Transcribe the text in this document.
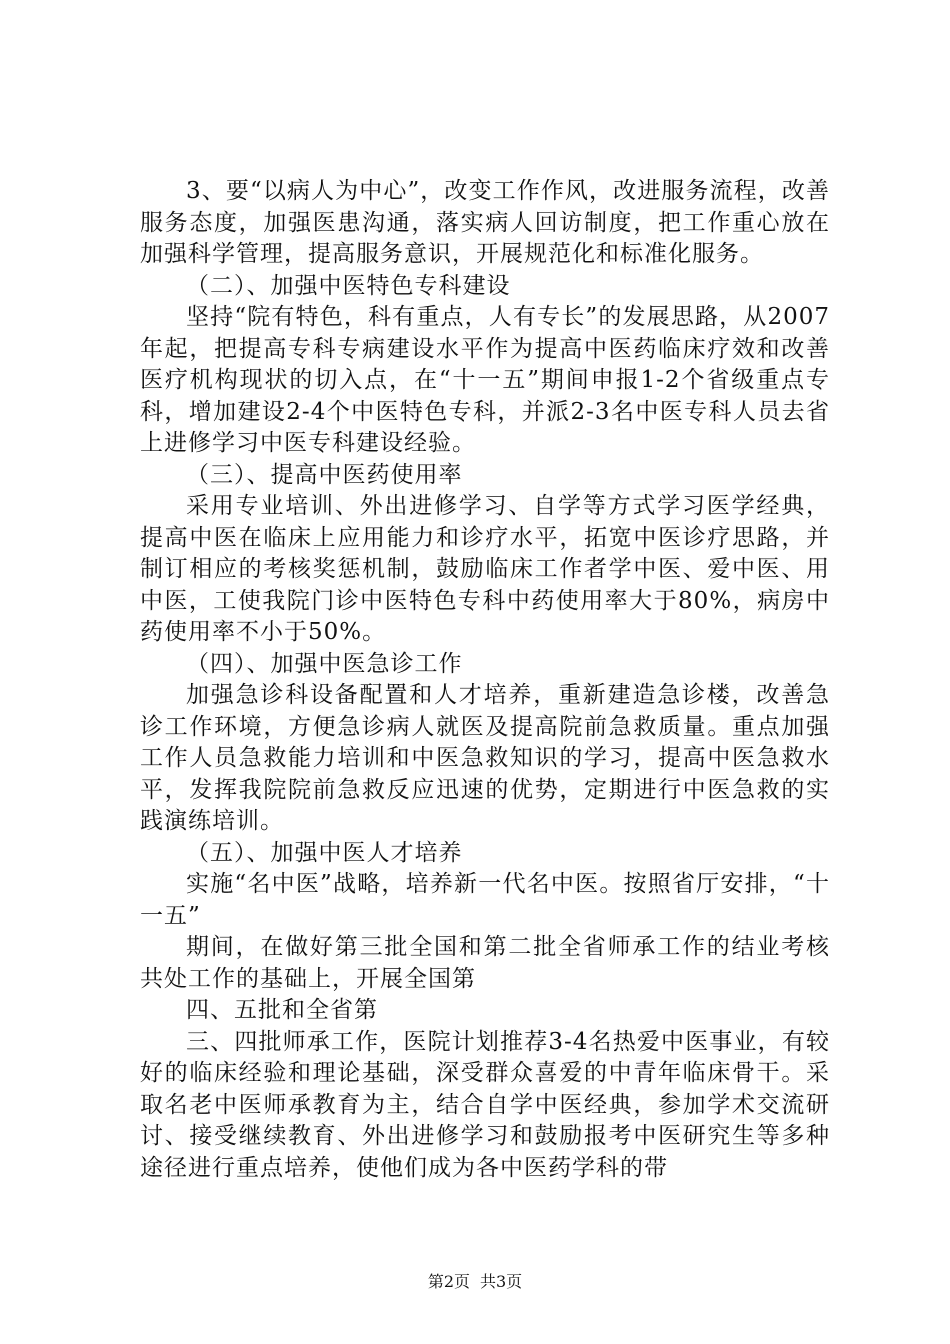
3、要“以病人为中心”，改变工作作风，改进服务流程，改善服务态度，加强医患沟通，落实病人回访制度，把工作重心放在加强科学管理，提高服务意识，开展规范化和标准化服务。

（二）、加强中医特色专科建设

坚持“院有特色，科有重点，人有专长”的发展思路，从2007年起，把提高专科专病建设水平作为提高中医药临床疗效和改善医疗机构现状的切入点，在“十一五”期间申报1-2个省级重点专科，增加建设2-4个中医特色专科，并派2-3名中医专科人员去省上进修学习中医专科建设经验。

（三）、提高中医药使用率

采用专业培训、外出进修学习、自学等方式学习医学经典，提高中医在临床上应用能力和诊疗水平，拓宽中医诊疗思路，并制订相应的考核奖惩机制，鼓励临床工作者学中医、爱中医、用中医，工使我院门诊中医特色专科中药使用率大于80%，病房中药使用率不小于50%。

（四）、加强中医急诊工作

加强急诊科设备配置和人才培养，重新建造急诊楼，改善急诊工作环境，方便急诊病人就医及提高院前急救质量。重点加强工作人员急救能力培训和中医急救知识的学习，提高中医急救水平，发挥我院院前急救反应迅速的优势，定期进行中医急救的实践演练培训。

（五）、加强中医人才培养

实施“名中医”战略，培养新一代名中医。按照省厅安排，“十一五”

期间，在做好第三批全国和第二批全省师承工作的结业考核共处工作的基础上，开展全国第

四、五批和全省第

三、四批师承工作，医院计划推荐3-4名热爱中医事业，有较好的临床经验和理论基础，深受群众喜爱的中青年临床骨干。采取名老中医师承教育为主，结合自学中医经典，参加学术交流研讨、接受继续教育、外出进修学习和鼓励报考中医研究生等多种途径进行重点培养，使他们成为各中医药学科的带

第2页 共3页
